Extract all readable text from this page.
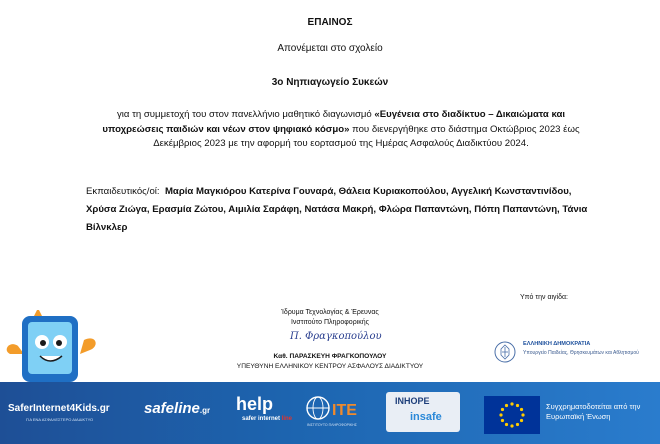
ΕΠΑΙΝΟΣ
Απονέμεται στο σχολείο
3ο Νηπιαγωγείο Συκεών
για τη συμμετοχή του στον πανελλήνιο μαθητικό διαγωνισμό «Ευγένεια στο διαδίκτυο – Δικαιώματα και υποχρεώσεις παιδιών και νέων στον ψηφιακό κόσμο» που διενεργήθηκε στο διάστημα Οκτώβριος 2023 έως Δεκέμβριος 2023 με την αφορμή του εορτασμού της Ημέρας Ασφαλούς Διαδικτύου 2024.
Εκπαιδευτικός/οί: Μαρία Μαγκιόρου Κατερίνα Γουναρά, Θάλεια Κυριακοπούλου, Αγγελική Κωνσταντινίδου, Χρύσα Ζιώγα, Ερασμία Ζώτου, Αιμιλία Σαράφη, Νατάσα Μακρή, Φλώρα Παπαντώνη, Πόπη Παπαντώνη, Τάνια Βίλνκλερ
Υπό την αιγίδα:
Ίδρυμα Τεχνολογίας & Έρευνας
Ινστιτούτο Πληροφορικής
Π. Φραγκοπούλου
Καθ. ΠΑΡΑΣΚΕΥΗ ΦΡΑΓΚΟΠΟΥΛΟΥ
ΥΠΕΥΘΥΝΗ ΕΛΛΗΝΙΚΟΥ ΚΕΝΤΡΟΥ ΑΣΦΑΛΟΥΣ ΔΙΑΔΙΚΤΥΟΥ
ΕΛΛΗΝΙΚΗ ΔΗΜΟΚΡΑΤΙΑ
Υπουργείο Παιδείας, Θρησκευμάτων και Αθλητισμού
SaferInternet4Kids.gr
ΓΙΑ ΕΝΑ ΑΣΦΑΛΕΣΤΕΡΟ ΔΙΑΔΙΚΤΥΟ
safeline.gr help
safer internet line ITE
ΙΝΣΤΙΤΟΥΤΟ ΠΛΗΡΟΦΟΡΙΚΗΣ
INHOPE
insafe
Συγχρηματοδοτείται από την Ευρωπαϊκή Ένωση
